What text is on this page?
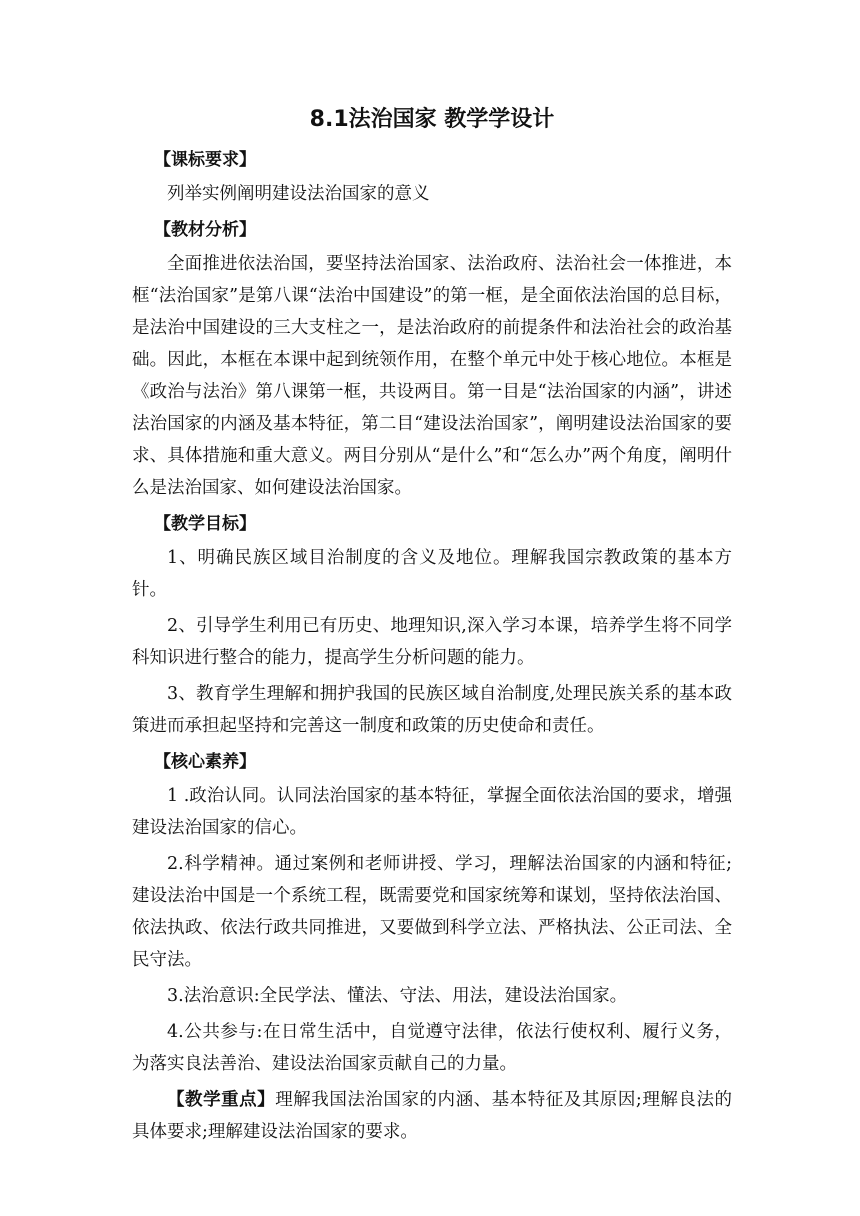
8.1法治国家 教学学设计
【课标要求】

列举实例阐明建设法治国家的意义

【教材分析】

全面推进依法治国，要坚持法治国家、法治政府、法治社会一体推进，本框“法治国家”是第八课“法治中国建设”的第一框，是全面依法治国的总目标，是法治中国建设的三大支柱之一，是法治政府的前提条件和法治社会的政治基础。因此，本框在本课中起到统领作用，在整个单元中处于核心地位。本框是《政治与法治》第八课第一框，共设两目。第一目是“法治国家的内涵”，讲述法治国家的内涵及基本特征，第二目“建设法治国家”，阐明建设法治国家的要求、具体措施和重大意义。两目分别从“是什么”和“怎么办”两个角度，阐明什么是法治国家、如何建设法治国家。

【教学目标】

1、明确民族区域目治制度的含义及地位。理解我国宗教政策的基本方针。

2、引导学生利用已有历史、地理知识,深入学习本课，培养学生将不同学科知识进行整合的能力，提高学生分析问题的能力。

3、教育学生理解和拥护我国的民族区域自治制度,处理民族关系的基本政策进而承担起坚持和完善这一制度和政策的历史使命和责任。

【核心素养】

1 .政治认同。认同法治国家的基本特征，掌握全面依法治国的要求，增强建设法治国家的信心。

2.科学精神。通过案例和老师讲授、学习，理解法治国家的内涵和特征;建设法治中国是一个系统工程，既需要党和国家统筹和谋划，坚持依法治国、依法执政、依法行政共同推进，又要做到科学立法、严格执法、公正司法、全民守法。

3.法治意识:全民学法、懂法、守法、用法，建设法治国家。

4.公共参与:在日常生活中，自觉遵守法律，依法行使权利、履行义务，为落实良法善治、建设法治国家贡献自己的力量。

【教学重点】理解我国法治国家的内涵、基本特征及其原因;理解良法的具体要求;理解建设法治国家的要求。
